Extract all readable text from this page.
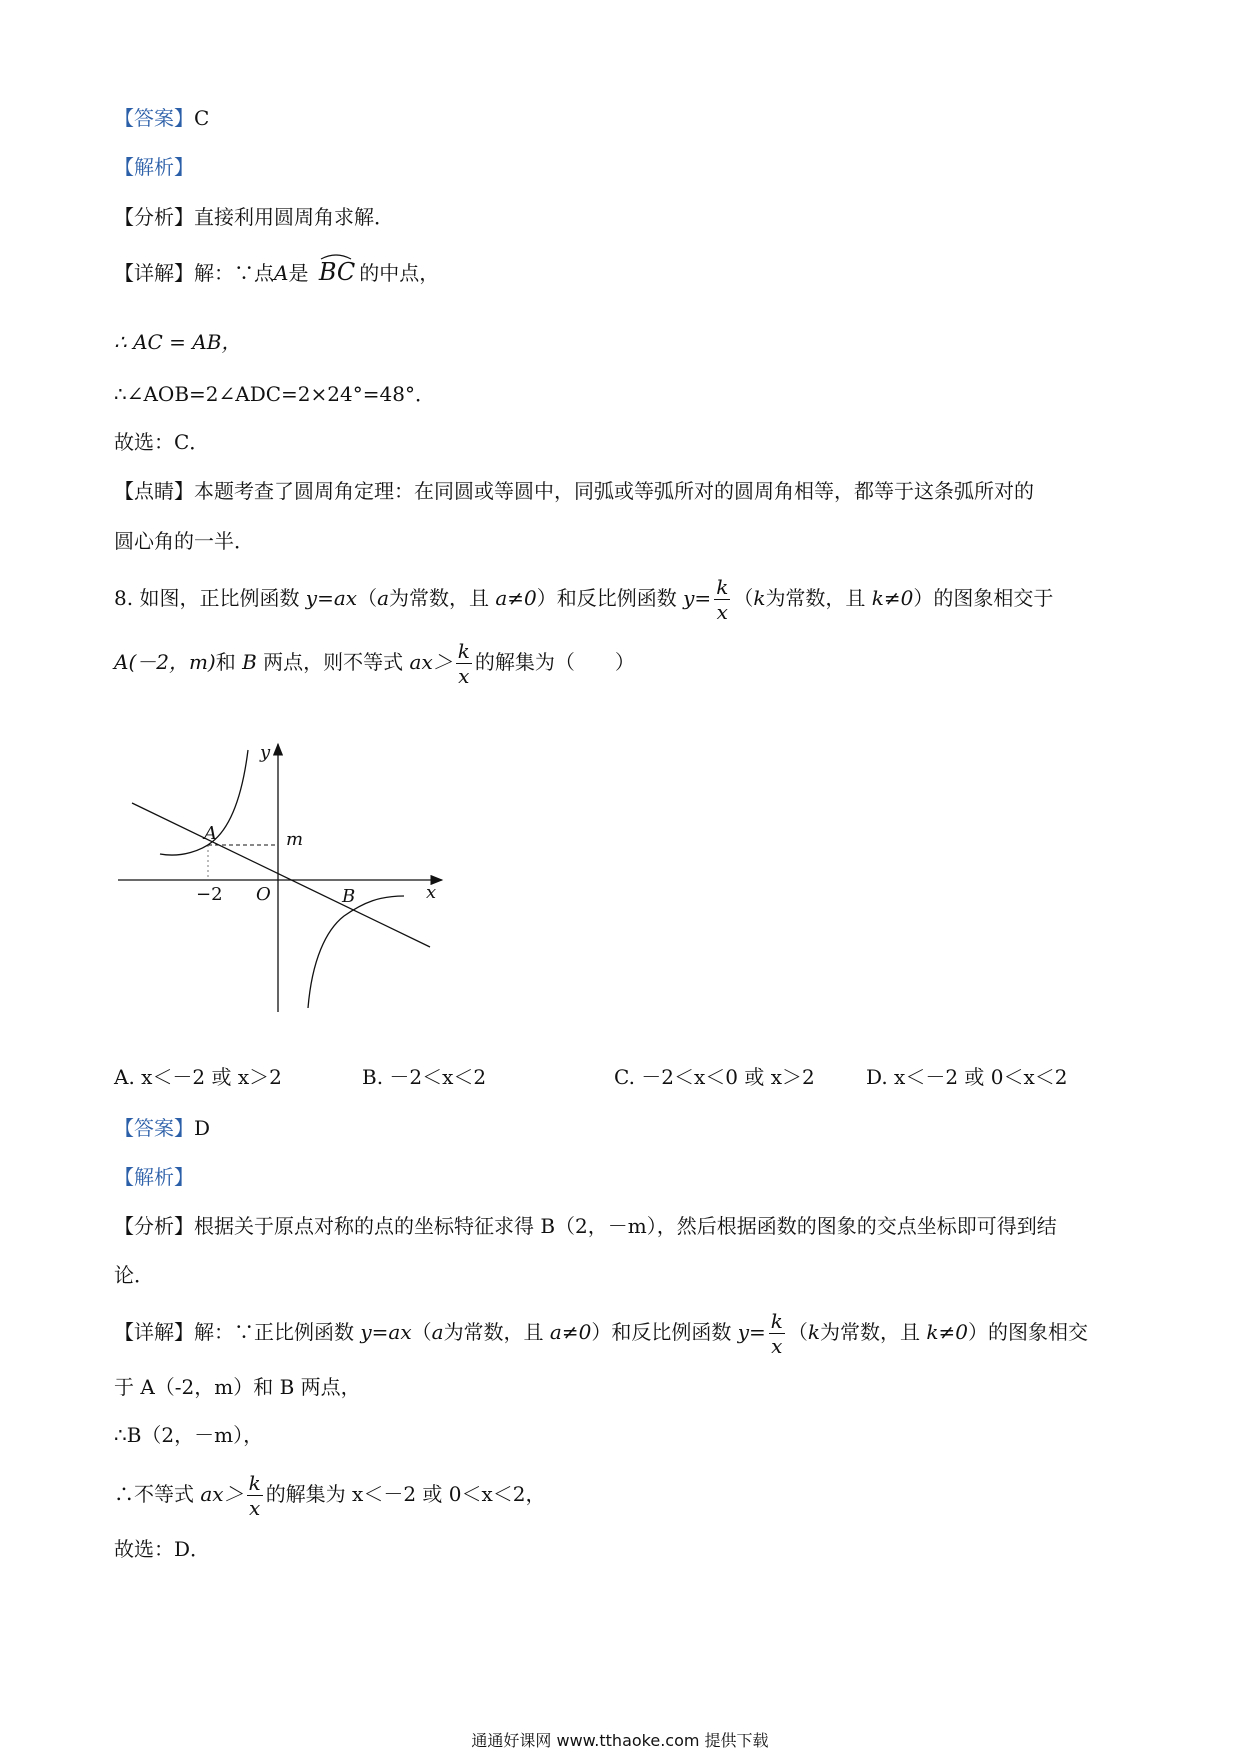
【答案】C
【解析】
【分析】直接利用圆周角求解．
【详解】解：∵点A是 BC 的中点，
∴ AC = AB，
∴∠AOB=2∠ADC=2×24°=48°．
故选：C．
【点睛】本题考查了圆周角定理：在同圆或等圆中，同弧或等弧所对的圆周角相等，都等于这条弧所对的
圆心角的一半．
8. 如图，正比例函数 y=ax（a为常数，且 a≠0）和反比例函数 $y= \frac{k}{x} (k$为常数，且 k≠0）的图象相交于
A(－2，m)和 B 两点，则不等式 $ax> \frac{k}{x}$ 的解集为（　　）
y
x
O
−2
m
A
B
A. x＜－2 或 x＞2	B. －2＜x＜2	C. －2＜x＜0 或 x＞2	D. x＜－2 或 0＜x＜2
【答案】D
【解析】
【分析】根据关于原点对称的点的坐标特征求得 B（2，－m），然后根据函数的图象的交点坐标即可得到结
论．
【详解】解：∵正比例函数 y=ax（a为常数，且 a≠0）和反比例函数 $y= \frac{k}{x} (k$为常数，且 k≠0）的图象相交
于 A（-2，m）和 B 两点，
∴B（2，－m），
∴不等式 $ax> \frac{k}{x}$ 的解集为 x＜－2 或 0＜x＜2，
故选：D．
通通好课网 www.tthaoke.com 提供下载
